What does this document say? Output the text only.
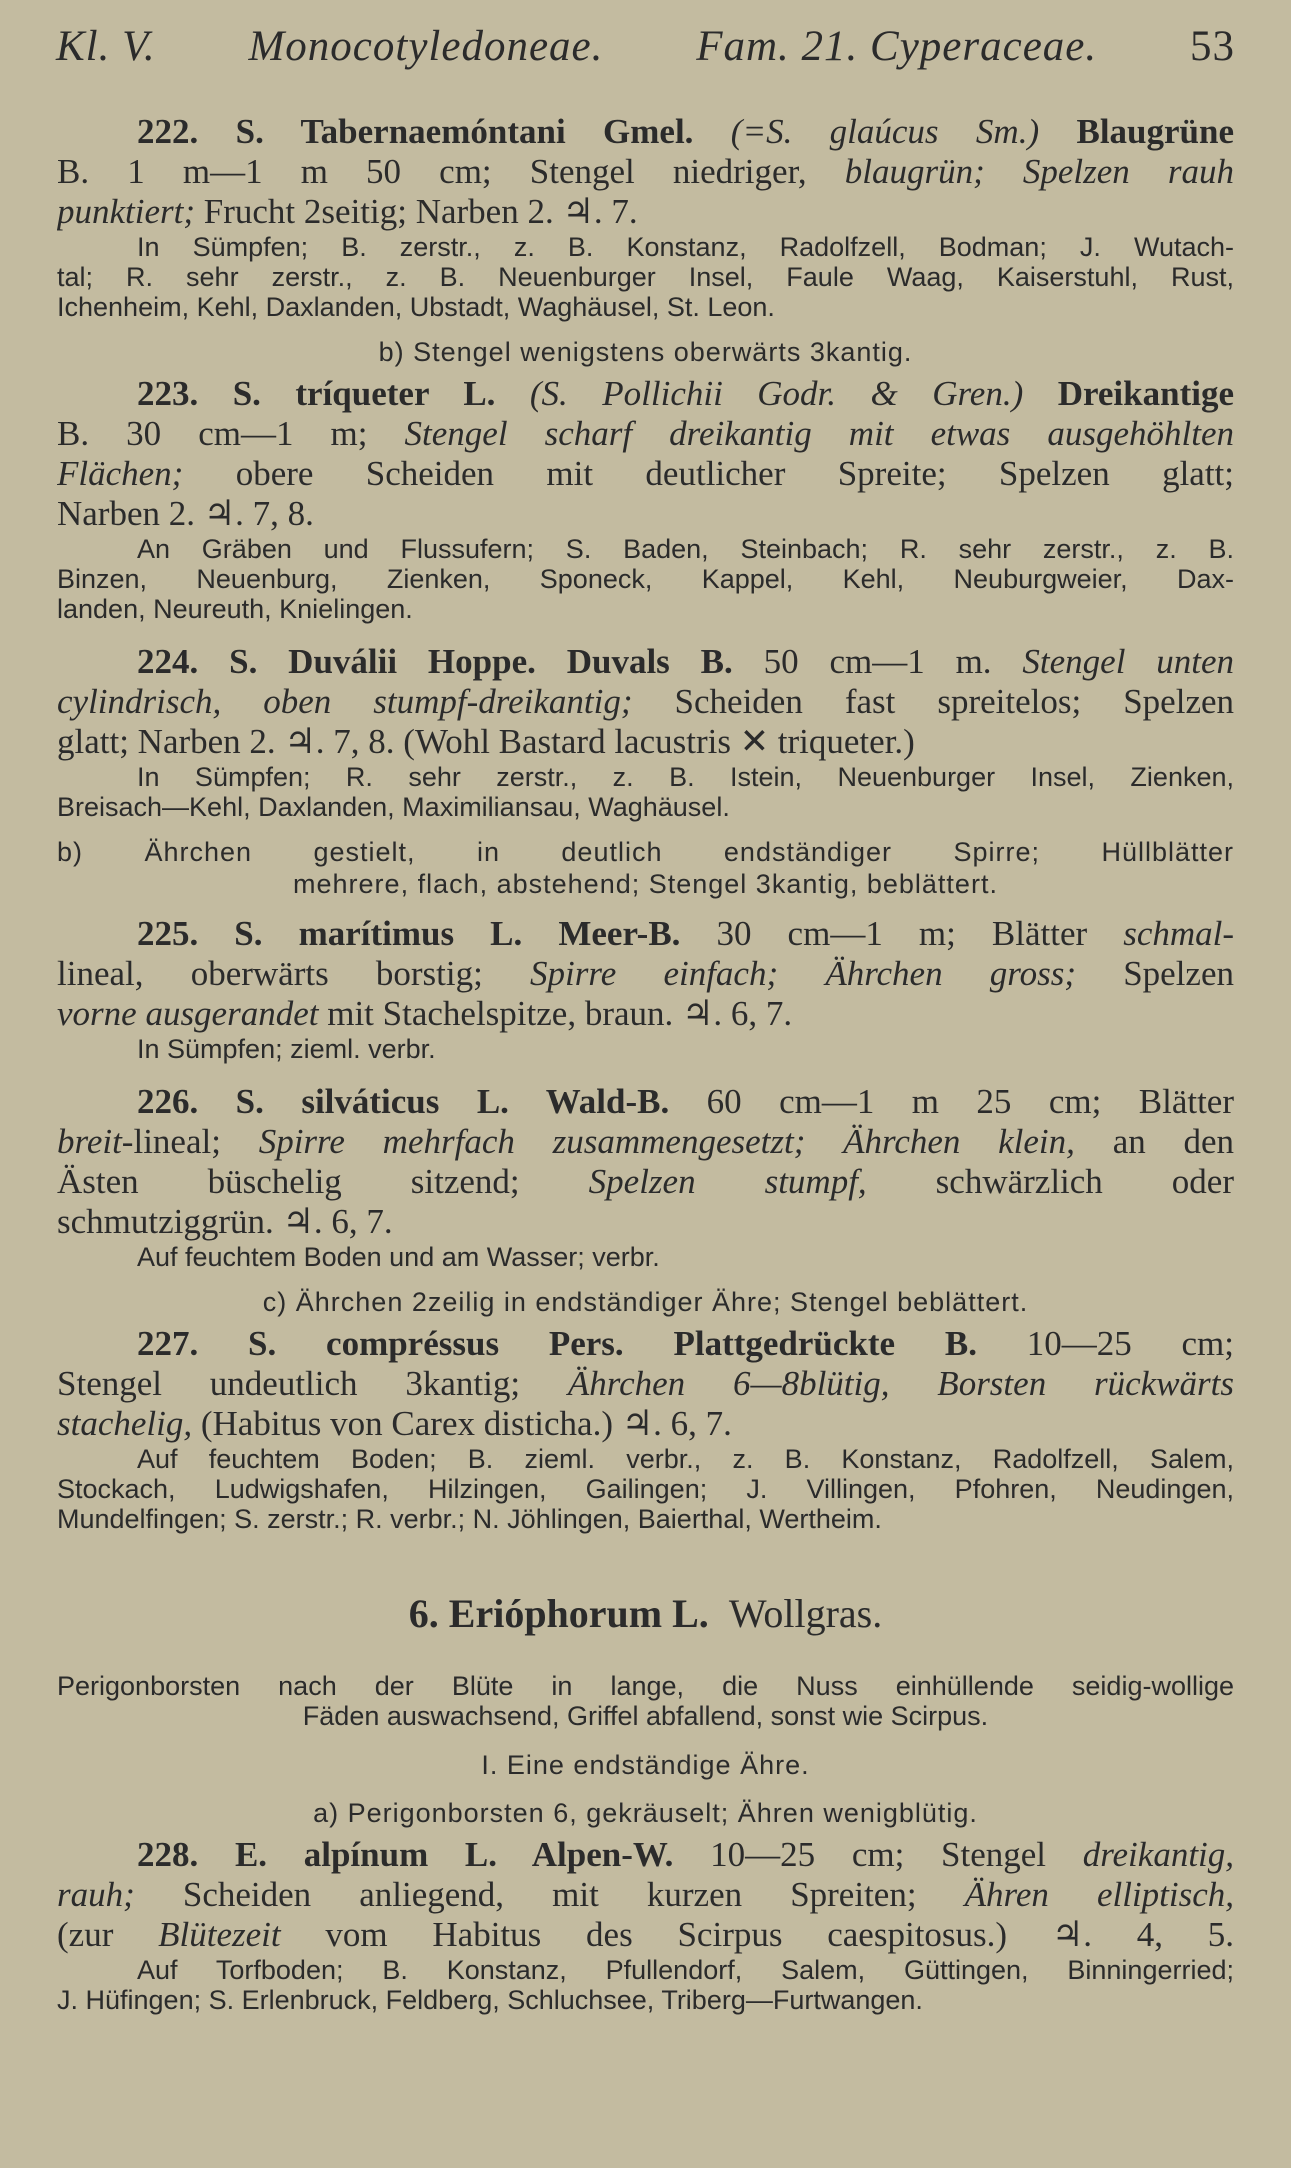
Kl. V. Monocotyledoneae. Fam. 21. Cyperaceae. 53
222. S. Tabernaemóntani Gmel. (=S. glaúcus Sm.) Blaugrüne
B. 1 m—1 m 50 cm; Stengel niedriger, blaugrün; Spelzen rauh
punktiert; Frucht 2seitig; Narben 2. ♃. 7.
In Sümpfen; B. zerstr., z. B. Konstanz, Radolfzell, Bodman; J. Wutach-
tal; R. sehr zerstr., z. B. Neuenburger Insel, Faule Waag, Kaiserstuhl, Rust,
Ichenheim, Kehl, Daxlanden, Ubstadt, Waghäusel, St. Leon.
b) Stengel wenigstens oberwärts 3kantig.
223. S. tríqueter L. (S. Pollichii Godr. & Gren.) Dreikantige
B. 30 cm—1 m; Stengel scharf dreikantig mit etwas ausgehöhlten
Flächen; obere Scheiden mit deutlicher Spreite; Spelzen glatt;
Narben 2. ♃. 7, 8.
An Gräben und Flussufern; S. Baden, Steinbach; R. sehr zerstr., z. B.
Binzen, Neuenburg, Zienken, Sponeck, Kappel, Kehl, Neuburgweier, Dax-
landen, Neureuth, Knielingen.
224. S. Duválii Hoppe. Duvals B. 50 cm—1 m. Stengel unten
cylindrisch, oben stumpf-dreikantig; Scheiden fast spreitelos; Spelzen
glatt; Narben 2. ♃. 7, 8. (Wohl Bastard lacustris ✕ triqueter.)
In Sümpfen; R. sehr zerstr., z. B. Istein, Neuenburger Insel, Zienken,
Breisach—Kehl, Daxlanden, Maximiliansau, Waghäusel.
b) Ährchen gestielt, in deutlich endständiger Spirre; Hüllblätter
mehrere, flach, abstehend; Stengel 3kantig, beblättert.
225. S. marítimus L. Meer-B. 30 cm—1 m; Blätter schmal-
lineal, oberwärts borstig; Spirre einfach; Ährchen gross; Spelzen
vorne ausgerandet mit Stachelspitze, braun. ♃. 6, 7.
In Sümpfen; zieml. verbr.
226. S. silváticus L. Wald-B. 60 cm—1 m 25 cm; Blätter
breit-lineal; Spirre mehrfach zusammengesetzt; Ährchen klein, an den
Ästen büschelig sitzend; Spelzen stumpf, schwärzlich oder
schmutziggrün. ♃. 6, 7.
Auf feuchtem Boden und am Wasser; verbr.
c) Ährchen 2zeilig in endständiger Ähre; Stengel beblättert.
227. S. compréssus Pers. Plattgedrückte B. 10—25 cm;
Stengel undeutlich 3kantig; Ährchen 6—8blütig, Borsten rückwärts
stachelig, (Habitus von Carex disticha.) ♃. 6, 7.
Auf feuchtem Boden; B. zieml. verbr., z. B. Konstanz, Radolfzell, Salem,
Stockach, Ludwigshafen, Hilzingen, Gailingen; J. Villingen, Pfohren, Neudingen,
Mundelfingen; S. zerstr.; R. verbr.; N. Jöhlingen, Baierthal, Wertheim.
6. Erióphorum L. Wollgras.
Perigonborsten nach der Blüte in lange, die Nuss einhüllende seidig-wollige
Fäden auswachsend, Griffel abfallend, sonst wie Scirpus.
I. Eine endständige Ähre.
a) Perigonborsten 6, gekräuselt; Ähren wenigblütig.
228. E. alpínum L. Alpen-W. 10—25 cm; Stengel dreikantig,
rauh; Scheiden anliegend, mit kurzen Spreiten; Ähren elliptisch,
(zur Blütezeit vom Habitus des Scirpus caespitosus.) ♃. 4, 5.
Auf Torfboden; B. Konstanz, Pfullendorf, Salem, Güttingen, Binningerried;
J. Hüfingen; S. Erlenbruck, Feldberg, Schluchsee, Triberg—Furtwangen.
